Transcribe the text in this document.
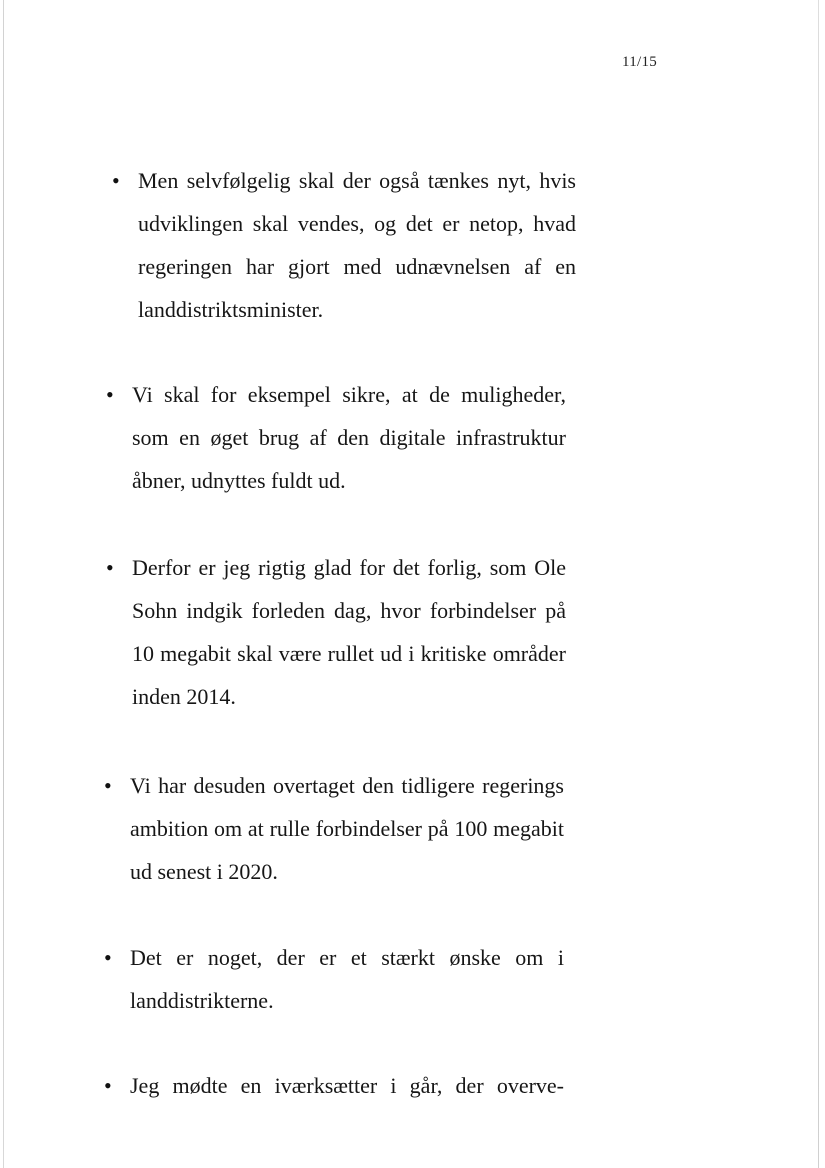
11/15
• Men selvfølgelig skal der også tænkes nyt, hvis udviklingen skal vendes, og det er netop, hvad regeringen har gjort med udnævnelsen af en landdistriktsminister.
• Vi skal for eksempel sikre, at de muligheder, som en øget brug af den digitale infrastruktur åbner, udnyttes fuldt ud.
• Derfor er jeg rigtig glad for det forlig, som Ole Sohn indgik forleden dag, hvor forbindelser på 10 megabit skal være rullet ud i kritiske områder inden 2014.
• Vi har desuden overtaget den tidligere regerings ambition om at rulle forbindelser på 100 megabit ud senest i 2020.
• Det er noget, der er et stærkt ønske om i landdistrikterne.
• Jeg mødte en iværksætter i går, der overve-
